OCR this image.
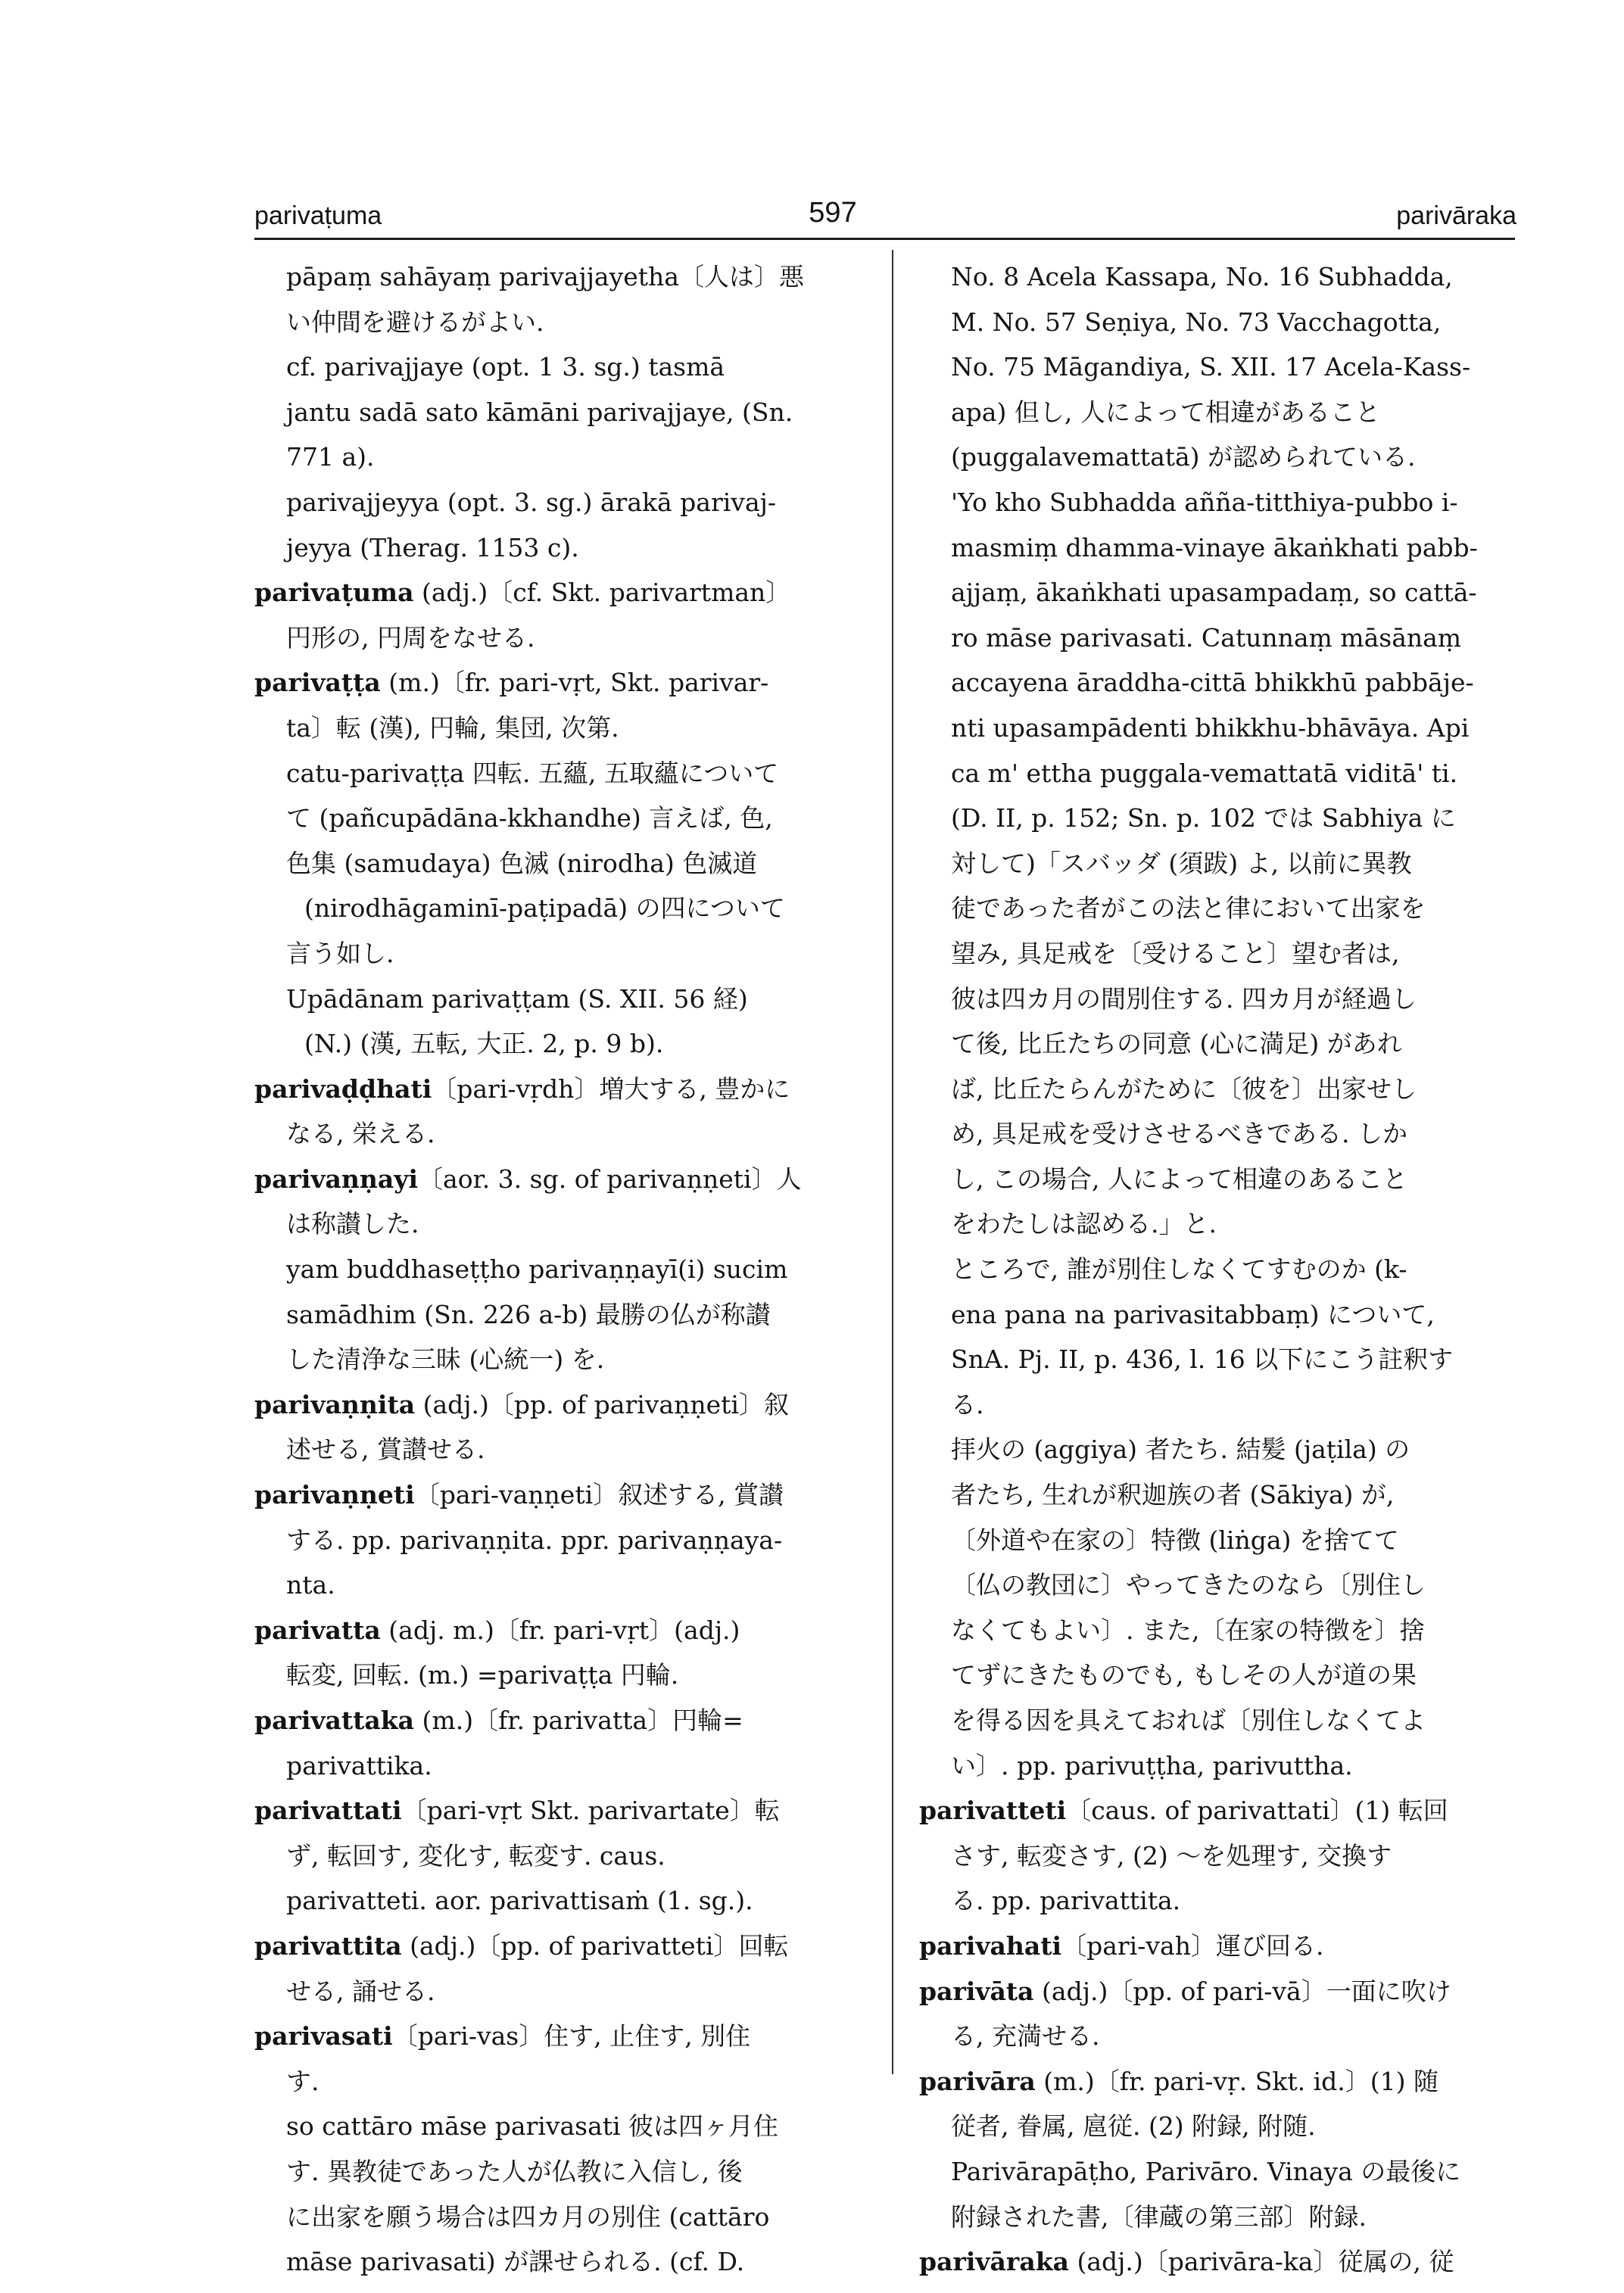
parivaṭuma	597	parivāraka
pāpaṃ sahāyaṃ parivajjayetha〔人は〕悪
い仲間を避けるがよい.
cf. parivajjaye (opt. 1 3. sg.) tasmā
jantu sadā sato kāmāni parivajjaye, (Sn.
771 a).
parivajjeyya (opt. 3. sg.) ārakā parivaj-
jeyya (Therag. 1153 c).
parivaṭuma (adj.)〔cf. Skt. parivartman〕
円形の, 円周をなせる.
parivaṭṭa (m.)〔fr. pari-vṛt, Skt. parivar-
ta〕転 (漢), 円輪, 集団, 次第.
catu-parivaṭṭa 四転. 五蘊, 五取蘊について
て (pañcupādāna-kkhandhe) 言えば, 色,
色集 (samudaya) 色滅 (nirodha) 色滅道
(nirodhāgaminī-paṭipadā) の四について
言う如し.
Upādānam parivaṭṭam (S. XII. 56 経)
(N.) (漢, 五転, 大正. 2, p. 9 b).
parivaḍḍhati〔pari-vṛdh〕増大する, 豊かに
なる, 栄える.
parivaṇṇayi〔aor. 3. sg. of parivaṇṇeti〕人
は称讃した.
yam buddhaseṭṭho parivaṇṇayī(i) sucim
samādhim (Sn. 226 a-b) 最勝の仏が称讃
した清浄な三昧 (心統一) を.
parivaṇṇita (adj.)〔pp. of parivaṇṇeti〕叙
述せる, 賞讃せる.
parivaṇṇeti〔pari-vaṇṇeti〕叙述する, 賞讃
する. pp. parivaṇṇita. ppr. parivaṇṇaya-
nta.
parivatta (adj. m.)〔fr. pari-vṛt〕(adj.)
転変, 回転. (m.) =parivaṭṭa 円輪.
parivattaka (m.)〔fr. parivatta〕円輪=
parivattika.
parivattati〔pari-vṛt Skt. parivartate〕転
ず, 転回す, 変化す, 転変す. caus.
parivatteti. aor. parivattisaṁ (1. sg.).
parivattita (adj.)〔pp. of parivatteti〕回転
せる, 誦せる.
parivasati〔pari-vas〕住す, 止住す, 別住
す.
so cattāro māse parivasati 彼は四ヶ月住
す. 異教徒であった人が仏教に入信し, 後
に出家を願う場合は四カ月の別住 (cattāro
māse parivasati) が課せられる. (cf. D.
No. 8 Acela Kassapa, No. 16 Subhadda,
M. No. 57 Seṇiya, No. 73 Vacchagotta,
No. 75 Māgandiya, S. XII. 17 Acela-Kass-
apa) 但し, 人によって相違があること
(puggalavemattatā) が認められている.
'Yo kho Subhadda añña-titthiya-pubbo i-
masmiṃ dhamma-vinaye ākaṅkhati pabb-
ajjaṃ, ākaṅkhati upasampadaṃ, so cattā-
ro māse parivasati. Catunnaṃ māsānaṃ
accayena āraddha-cittā bhikkhū pabbāje-
nti upasampādenti bhikkhu-bhāvāya. Api
ca m' ettha puggala-vemattatā viditā' ti.
(D. II, p. 152; Sn. p. 102 では Sabhiya に
対して)「スバッダ (須跋) よ, 以前に異教
徒であった者がこの法と律において出家を
望み, 具足戒を〔受けること〕望む者は,
彼は四カ月の間別住する. 四カ月が経過し
て後, 比丘たちの同意 (心に満足) があれ
ば, 比丘たらんがために〔彼を〕出家せし
め, 具足戒を受けさせるべきである. しか
し, この場合, 人によって相違のあること
をわたしは認める.」と.
ところで, 誰が別住しなくてすむのか (k-
ena pana na parivasitabbaṃ) について,
SnA. Pj. II, p. 436, l. 16 以下にこう註釈す
る.
拝火の (aggiya) 者たち. 結髪 (jaṭila) の
者たち, 生れが釈迦族の者 (Sākiya) が,
〔外道や在家の〕特徴 (liṅga) を捨てて
〔仏の教団に〕やってきたのなら〔別住し
なくてもよい〕. また,〔在家の特徴を〕捨
てずにきたものでも, もしその人が道の果
を得る因を具えておれば〔別住しなくてよ
い〕. pp. parivuṭṭha, parivuttha.
parivatteti〔caus. of parivattati〕(1) 転回
さす, 転変さす, (2) ～を処理す, 交換す
る. pp. parivattita.
parivahati〔pari-vah〕運び回る.
parivāta (adj.)〔pp. of pari-vā〕一面に吹け
る, 充満せる.
parivāra (m.)〔fr. pari-vṛ. Skt. id.〕(1) 随
従者, 眷属, 扈従. (2) 附録, 附随.
Parivārapāṭho, Parivāro. Vinaya の最後に
附録された書,〔律蔵の第三部〕附録.
parivāraka (adj.)〔parivāra-ka〕従属の, 従
